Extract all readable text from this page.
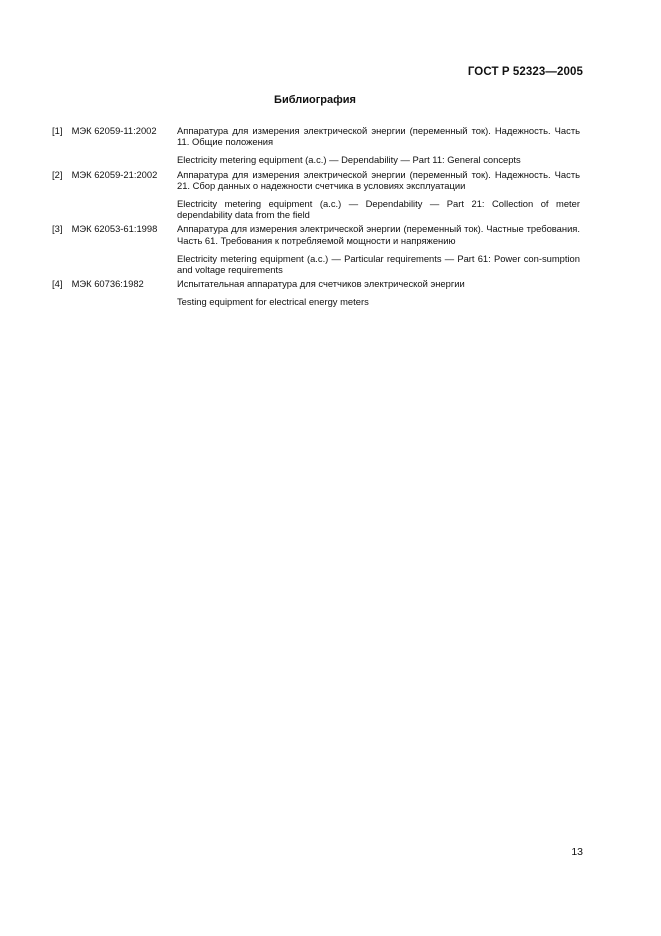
ГОСТ Р 52323—2005
Библиография
[1] МЭК 62059-11:2002	Аппаратура для измерения электрической энергии (переменный ток). Надежность. Часть 11. Общие положения

Electricity metering equipment (a.c.) — Dependability — Part 11: General concepts

[2] МЭК 62059-21:2002	Аппаратура для измерения электрической энергии (переменный ток). Надежность. Часть 21. Сбор данных о надежности счетчика в условиях эксплуатации

Electricity metering equipment (a.c.) — Dependability — Part 21: Collection of meter dependability data from the field

[3] МЭК 62053-61:1998	Аппаратура для измерения электрической энергии (переменный ток). Частные требования. Часть 61. Требования к потребляемой мощности и напряжению

Electricity metering equipment (a.c.) — Particular requirements — Part 61: Power con-sumption and voltage requirements

[4] МЭК 60736:1982	Испытательная аппаратура для счетчиков электрической энергии

Testing equipment for electrical energy meters

13
